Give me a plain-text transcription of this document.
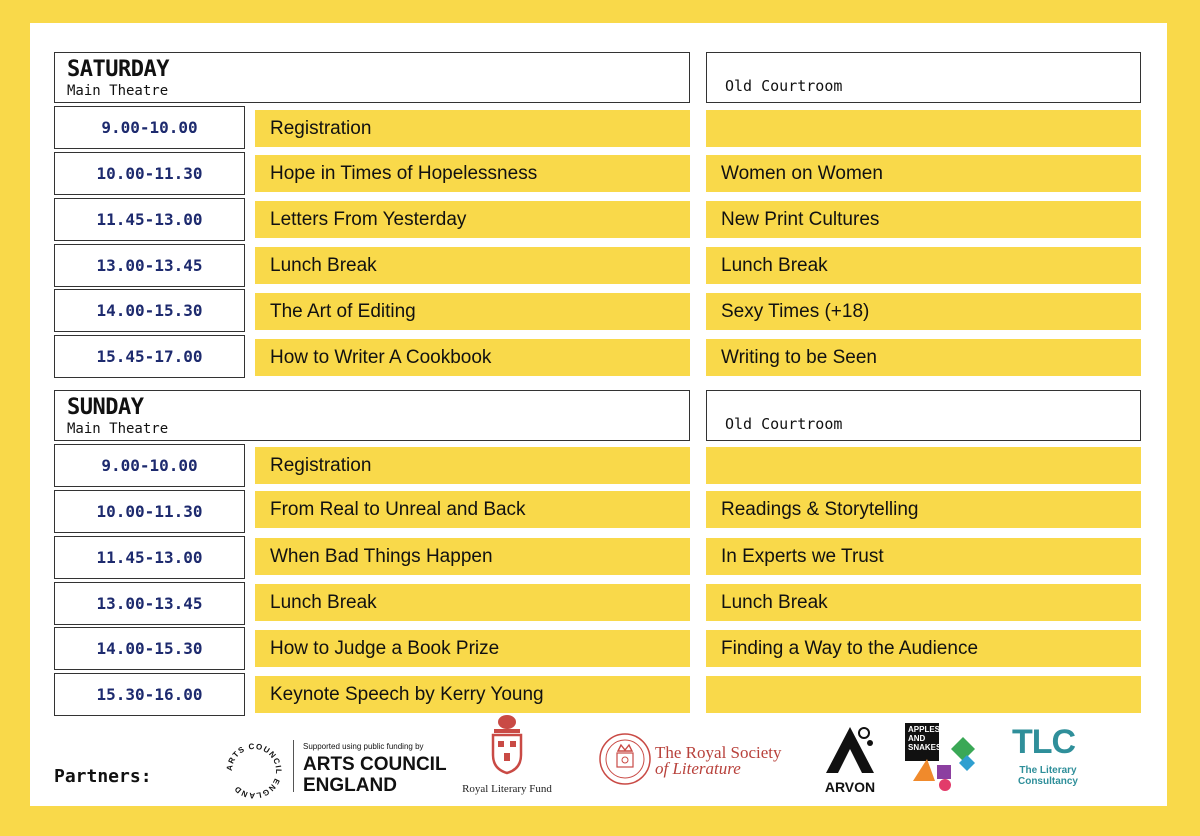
SATURDAY
Main Theatre	Old Courtroom
9.00-10.00	Registration
10.00-11.30	Hope in Times of Hopelessness	Women on Women
11.45-13.00	Letters From Yesterday	New Print Cultures
13.00-13.45	Lunch Break	Lunch Break
14.00-15.30	The Art of Editing	Sexy Times (+18)
15.45-17.00	How to Writer A Cookbook	Writing to be Seen
SUNDAY
Main Theatre	Old Courtroom
9.00-10.00	Registration
10.00-11.30	From Real to Unreal and Back	Readings & Storytelling
11.45-13.00	When Bad Things Happen	In Experts we Trust
13.00-13.45	Lunch Break	Lunch Break
14.00-15.30	How to Judge a Book Prize	Finding a Way to the Audience
15.30-16.00	Keynote Speech by Kerry Young
Partners:	ARTS COUNCIL ENGLAND
Supported using public funding by
ARTS COUNCIL
ENGLAND	Royal Literary Fund
The Royal Society
of Literature
ARVON
APPLES
AND
SNAKES TLC
The Literary
Consultancy
